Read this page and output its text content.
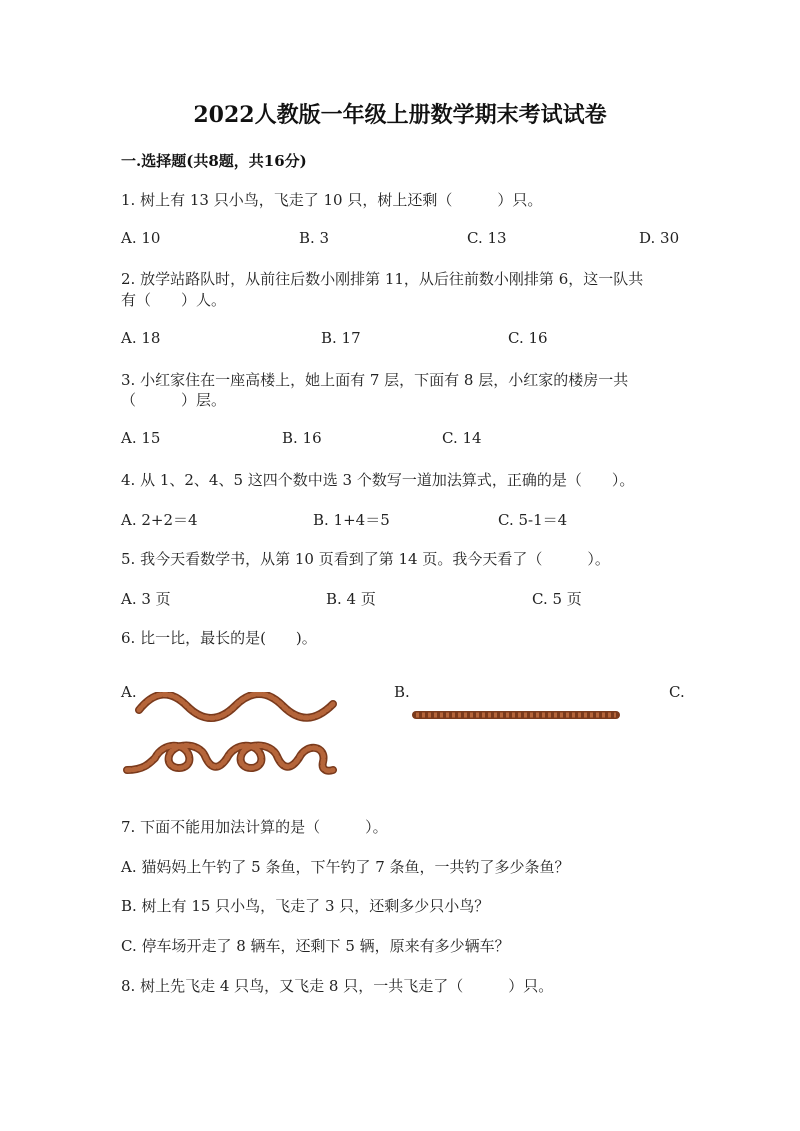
2022人教版一年级上册数学期末考试试卷
一.选择题(共8题，共16分)
1. 树上有 13 只小鸟，飞走了 10 只，树上还剩（　　　）只。
A. 10	B. 3	C. 13	D. 30
2. 放学站路队时，从前往后数小刚排第 11，从后往前数小刚排第 6，这一队共
有（　　）人。
A. 18	B. 17	C. 16
3. 小红家住在一座高楼上，她上面有 7 层，下面有 8 层，小红家的楼房一共
（　　　）层。
A. 15	B. 16	C. 14
4. 从 1、2、4、5 这四个数中选 3 个数写一道加法算式，正确的是（　　）。
A. 2+2＝4	B. 1+4＝5	C. 5-1＝4
5. 我今天看数学书，从第 10 页看到了第 14 页。我今天看了（　　　）。
A. 3 页	B. 4 页	C. 5 页
6. 比一比，最长的是(　　)。
A.	B.	C.
7. 下面不能用加法计算的是（　　　）。
A. 猫妈妈上午钓了 5 条鱼，下午钓了 7 条鱼，一共钓了多少条鱼？
B. 树上有 15 只小鸟，飞走了 3 只，还剩多少只小鸟？
C. 停车场开走了 8 辆车，还剩下 5 辆，原来有多少辆车？
8. 树上先飞走 4 只鸟，又飞走 8 只，一共飞走了（　　　）只。
